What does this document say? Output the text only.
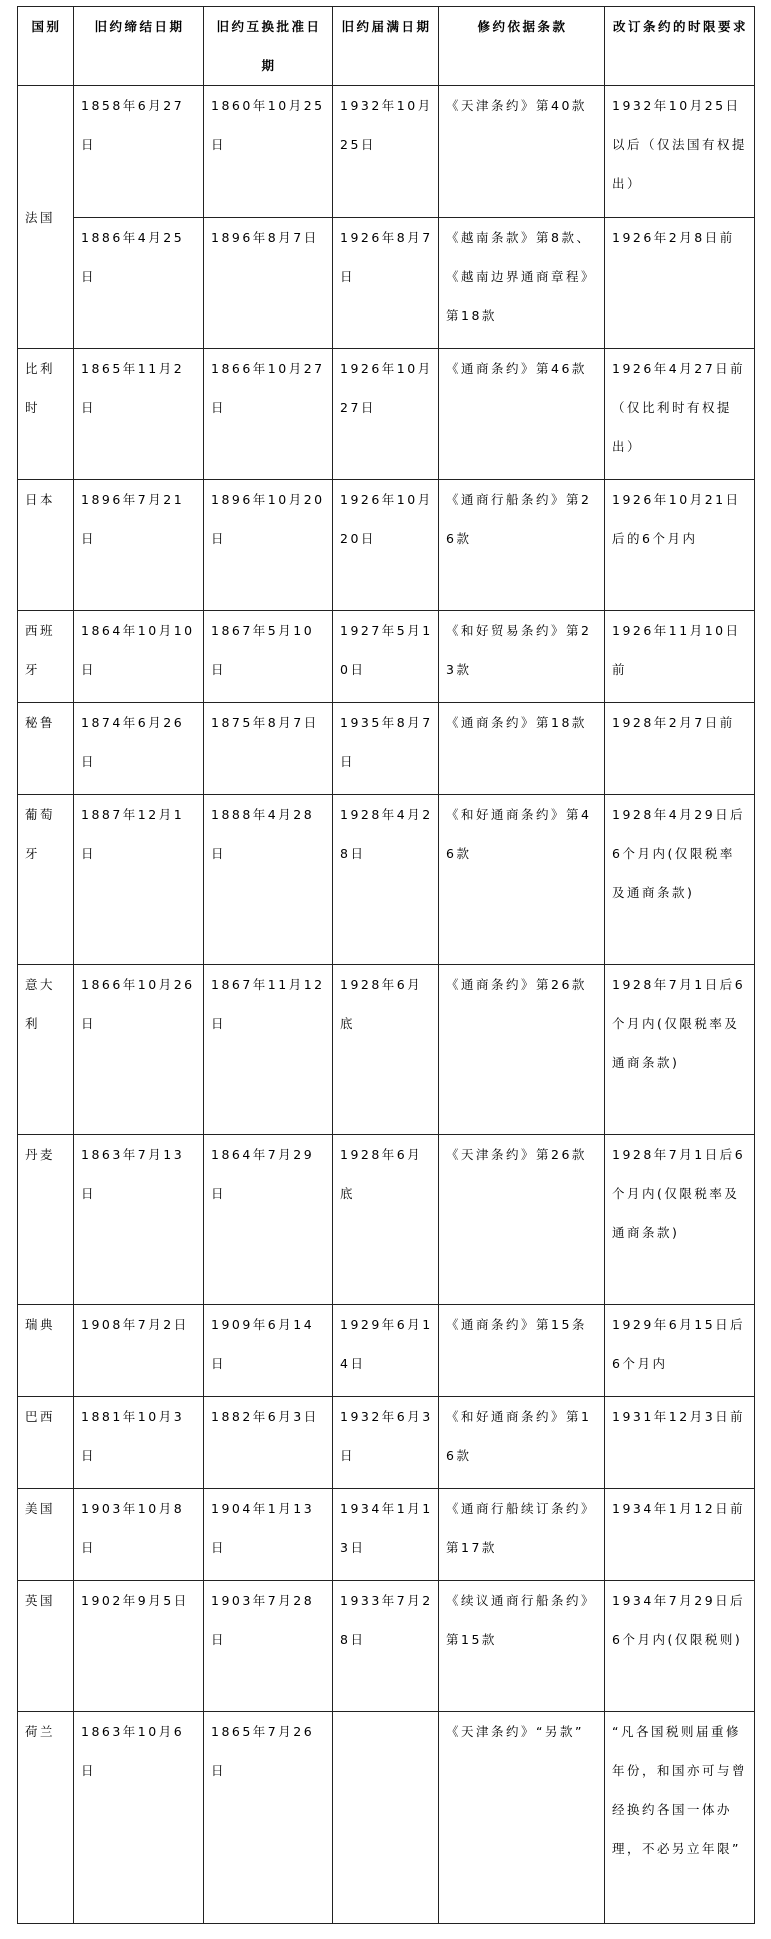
国别	旧约缔结日期	旧约互换批准日期	旧约届满日期	修约依据条款	改订条约的时限要求

法国	1858年6月27日	1860年10月25日	1932年10月25日	《天津条约》第40款	1932年10月25日以后（仅法国有权提出）
	1886年4月25日	1896年8月7日	1926年8月7日	《越南条款》第8款、《越南边界通商章程》第18款	1926年2月8日前
比利时	1865年11月2日	1866年10月27日	1926年10月27日	《通商条约》第46款	1926年4月27日前（仅比利时有权提出）
日本	1896年7月21日	1896年10月20日	1926年10月20日	《通商行船条约》第26款	1926年10月21日后的6个月内
西班牙	1864年10月10日	1867年5月10日	1927年5月10日	《和好贸易条约》第23款	1926年11月10日前
秘鲁	1874年6月26日	1875年8月7日	1935年8月7日	《通商条约》第18款	1928年2月7日前
葡萄牙	1887年12月1日	1888年4月28日	1928年4月28日	《和好通商条约》第46款	1928年4月29日后6个月内(仅限税率及通商条款)
意大利	1866年10月26日	1867年11月12日	1928年6月底	《通商条约》第26款	1928年7月1日后6个月内(仅限税率及通商条款)
丹麦	1863年7月13日	1864年7月29日	1928年6月底	《天津条约》第26款	1928年7月1日后6个月内(仅限税率及通商条款)
瑞典	1908年7月2日	1909年6月14日	1929年6月14日	《通商条约》第15条	1929年6月15日后6个月内
巴西	1881年10月3日	1882年6月3日	1932年6月3日	《和好通商条约》第16款	1931年12月3日前
美国	1903年10月8日	1904年1月13日	1934年1月13日	《通商行船续订条约》第17款	1934年1月12日前
英国	1902年9月5日	1903年7月28日	1933年7月28日	《续议通商行船条约》第15款	1934年7月29日后6个月内(仅限税则)
荷兰	1863年10月6日	1865年7月26日		《天津条约》“另款”	“凡各国税则届重修年份，和国亦可与曾经换约各国一体办理，不必另立年限”
